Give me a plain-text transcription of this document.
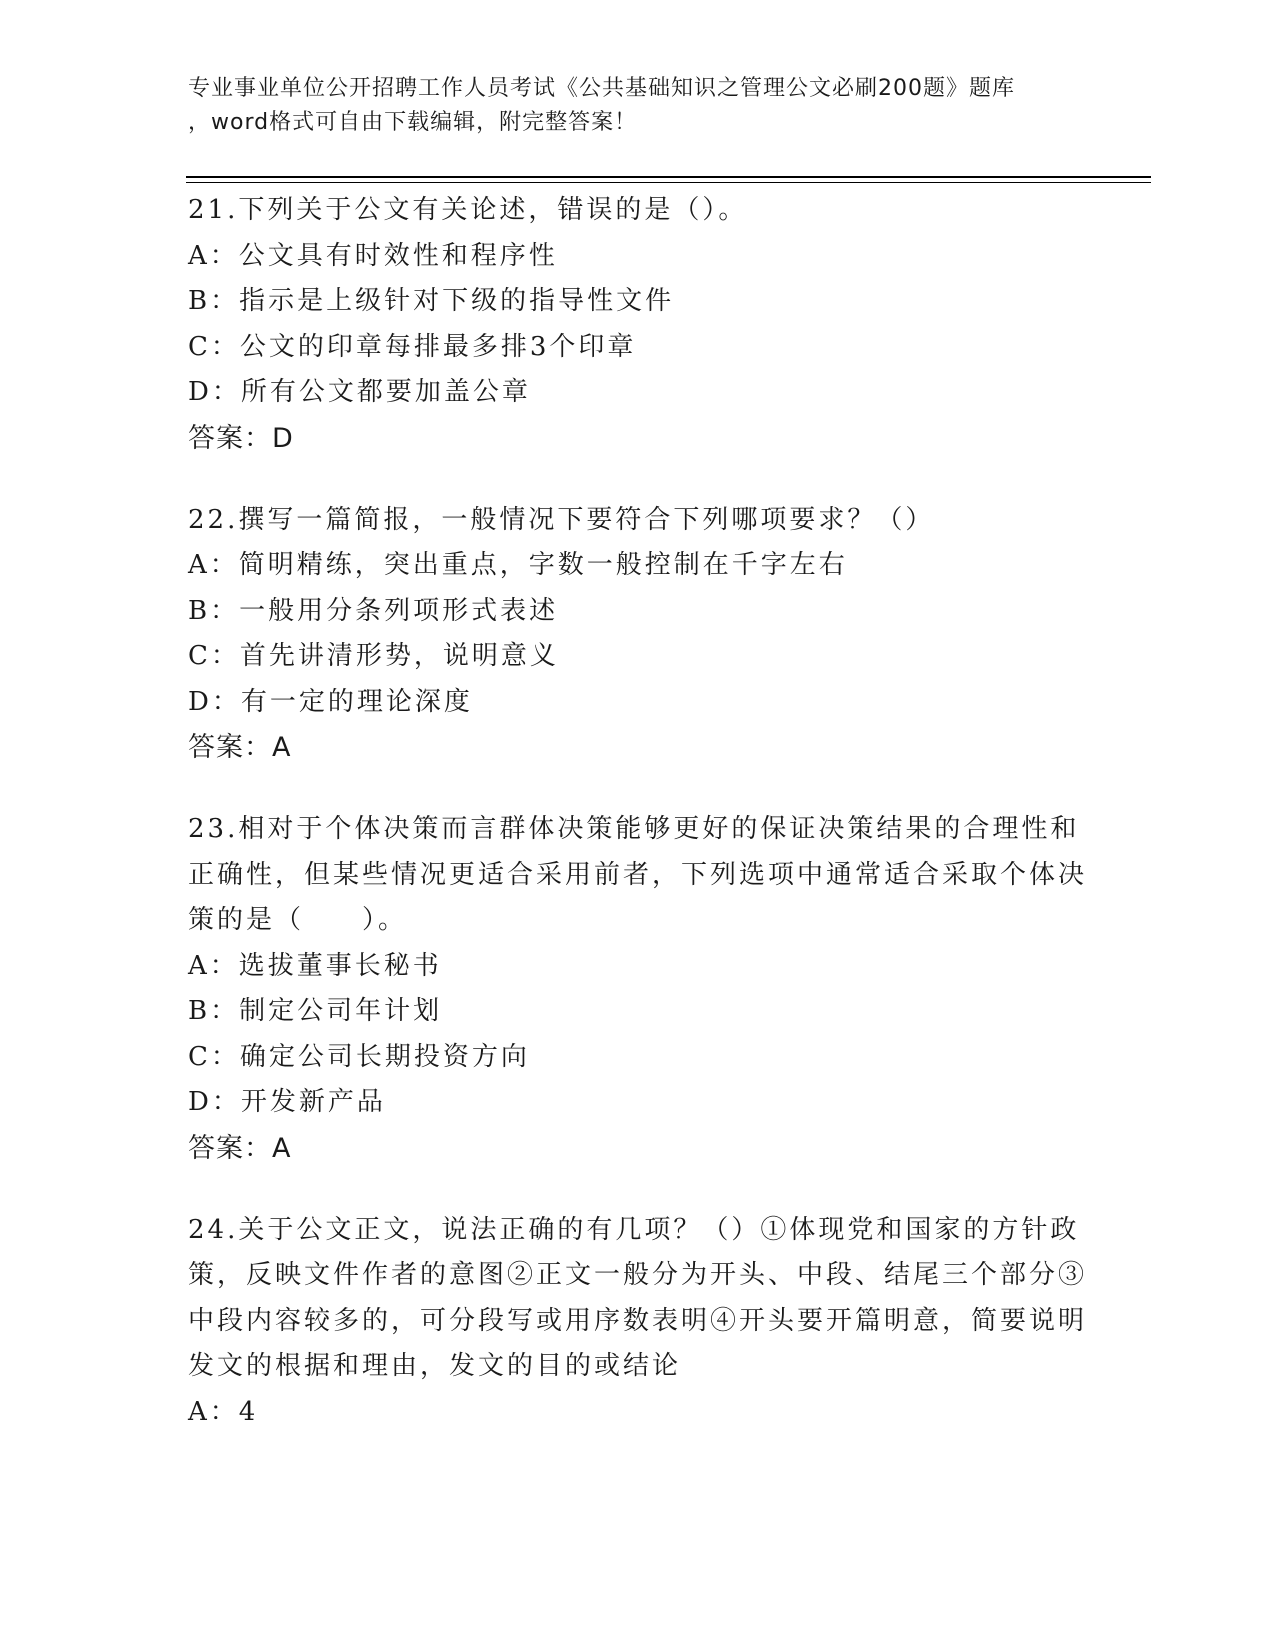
专业事业单位公开招聘工作人员考试《公共基础知识之管理公文必刷200题》题库
，word格式可自由下载编辑，附完整答案！

21.下列关于公文有关论述，错误的是（）。

A：公文具有时效性和程序性

B：指示是上级针对下级的指导性文件

C：公文的印章每排最多排3个印章

D：所有公文都要加盖公章

答案：D

22.撰写一篇简报，一般情况下要符合下列哪项要求？（）

A：简明精练，突出重点，字数一般控制在千字左右

B：一般用分条列项形式表述

C：首先讲清形势，说明意义

D：有一定的理论深度

答案：A

23.相对于个体决策而言群体决策能够更好的保证决策结果的合理性和正确性，但某些情况更适合采用前者，下列选项中通常适合采取个体决策的是（　　）。

A：选拔董事长秘书

B：制定公司年计划

C：确定公司长期投资方向

D：开发新产品

答案：A

24.关于公文正文，说法正确的有几项？（）①体现党和国家的方针政策，反映文件作者的意图②正文一般分为开头、中段、结尾三个部分③中段内容较多的，可分段写或用序数表明④开头要开篇明意，简要说明发文的根据和理由，发文的目的或结论

A：4
